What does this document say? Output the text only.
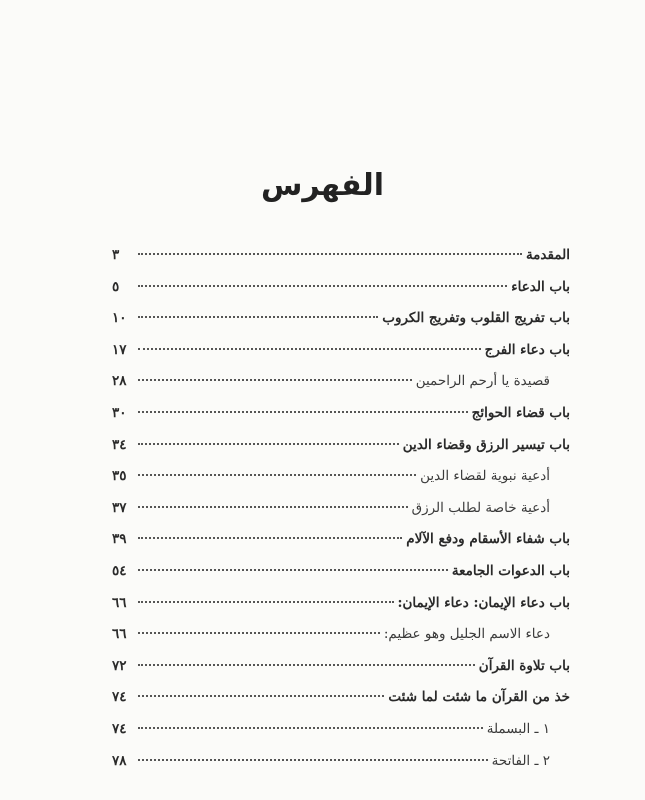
الفهرس
المقدمة
٣
باب الدعاء
٥
باب تفريج القلوب وتفريج الكروب
١٠
باب دعاء الفرج
١٧
قصيدة يا أرحم الراحمين
٢٨
باب قضاء الحوائج
٣٠
باب تيسير الرزق وقضاء الدين
٣٤
أدعية نبوية لقضاء الدين
٣٥
أدعية خاصة لطلب الرزق
٣٧
باب شفاء الأسقام ودفع الآلام
٣٩
باب الدعوات الجامعة
٥٤
باب دعاء الإيمان: دعاء الإيمان:
٦٦
دعاء الاسم الجليل وهو عظيم:
٦٦
باب تلاوة القرآن
٧٢
خذ من القرآن ما شئت لما شئت
٧٤
١ ـ البسملة
٧٤
٢ ـ الفاتحة
٧٨
